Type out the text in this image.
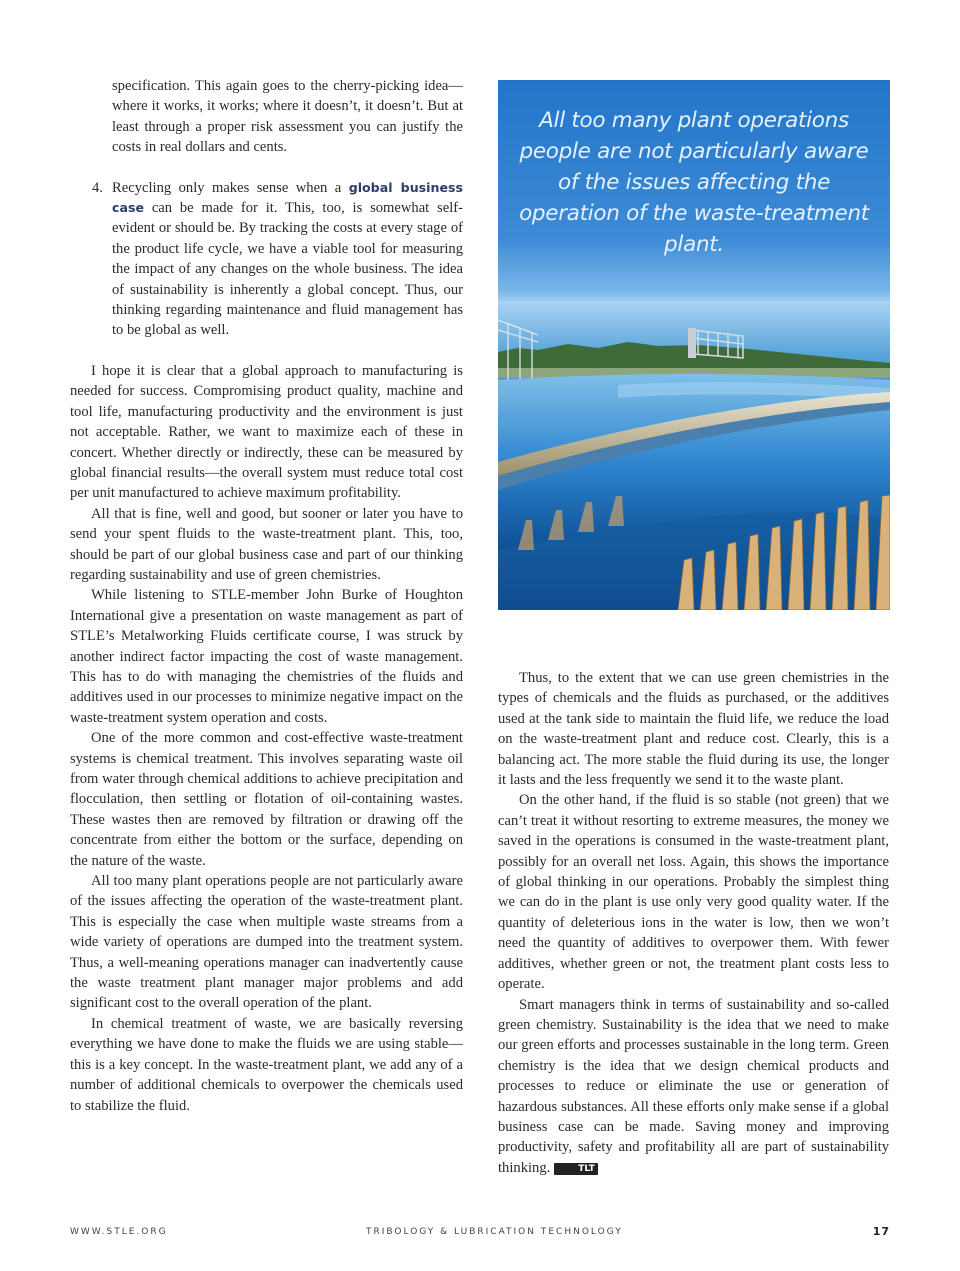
specification. This again goes to the cherry-picking idea—where it works, it works; where it doesn’t, it doesn’t. But at least through a proper risk assessment you can justify the costs in real dollars and cents.

4. Recycling only makes sense when a global business case can be made for it. This, too, is somewhat self-evident or should be. By tracking the costs at every stage of the product life cycle, we have a viable tool for measuring the impact of any changes on the whole business. The idea of sustainability is inherently a global concept. Thus, our thinking regarding maintenance and fluid management has to be global as well.

I hope it is clear that a global approach to manufacturing is needed for success. Compromising product quality, machine and tool life, manufacturing productivity and the environment is just not acceptable. Rather, we want to maximize each of these in concert. Whether directly or indirectly, these can be measured by global financial results—the overall system must reduce total cost per unit manufactured to achieve maximum profitability.

All that is fine, well and good, but sooner or later you have to send your spent fluids to the waste-treatment plant. This, too, should be part of our global business case and part of our thinking regarding sustainability and use of green chemistries.

While listening to STLE-member John Burke of Houghton International give a presentation on waste management as part of STLE’s Metalworking Fluids certificate course, I was struck by another indirect factor impacting the cost of waste management. This has to do with managing the chemistries of the fluids and additives used in our processes to minimize negative impact on the waste-treatment system operation and costs.

One of the more common and cost-effective waste-treatment systems is chemical treatment. This involves separating waste oil from water through chemical additions to achieve precipitation and flocculation, then settling or flotation of oil-containing wastes. These wastes then are removed by filtration or drawing off the concentrate from either the bottom or the surface, depending on the nature of the waste.

All too many plant operations people are not particularly aware of the issues affecting the operation of the waste-treatment plant. This is especially the case when multiple waste streams from a wide variety of operations are dumped into the treatment system. Thus, a well-meaning operations manager can inadvertently cause the waste treatment plant manager major problems and add significant cost to the overall operation of the plant.

In chemical treatment of waste, we are basically reversing everything we have done to make the fluids we are using stable—this is a key concept. In the waste-treatment plant, we add any of a number of additional chemicals to overpower the chemicals used to stabilize the fluid.

All too many plant operations people are not particularly aware of the issues affecting the operation of the waste-treatment plant.

Thus, to the extent that we can use green chemistries in the types of chemicals and the fluids as purchased, or the additives used at the tank side to maintain the fluid life, we reduce the load on the waste-treatment plant and reduce cost. Clearly, this is a balancing act. The more stable the fluid during its use, the longer it lasts and the less frequently we send it to the waste plant.

On the other hand, if the fluid is so stable (not green) that we can’t treat it without resorting to extreme measures, the money we saved in the operations is consumed in the waste-treatment plant, possibly for an overall net loss. Again, this shows the importance of global thinking in our operations. Probably the simplest thing we can do in the plant is use only very good quality water. If the quantity of deleterious ions in the water is low, then we won’t need the quantity of additives to overpower them. With fewer additives, whether green or not, the treatment plant costs less to operate.

Smart managers think in terms of sustainability and so-called green chemistry. Sustainability is the idea that we need to make our green efforts and processes sustainable in the long term. Green chemistry is the idea that we design chemical products and processes to reduce or eliminate the use or generation of hazardous substances. All these efforts only make sense if a global business case can be made. Saving money and improving productivity, safety and profitability all are part of sustainability thinking.	TLT

WWW.STLE.ORG	TRIBOLOGY & LUBRICATION TECHNOLOGY	17
